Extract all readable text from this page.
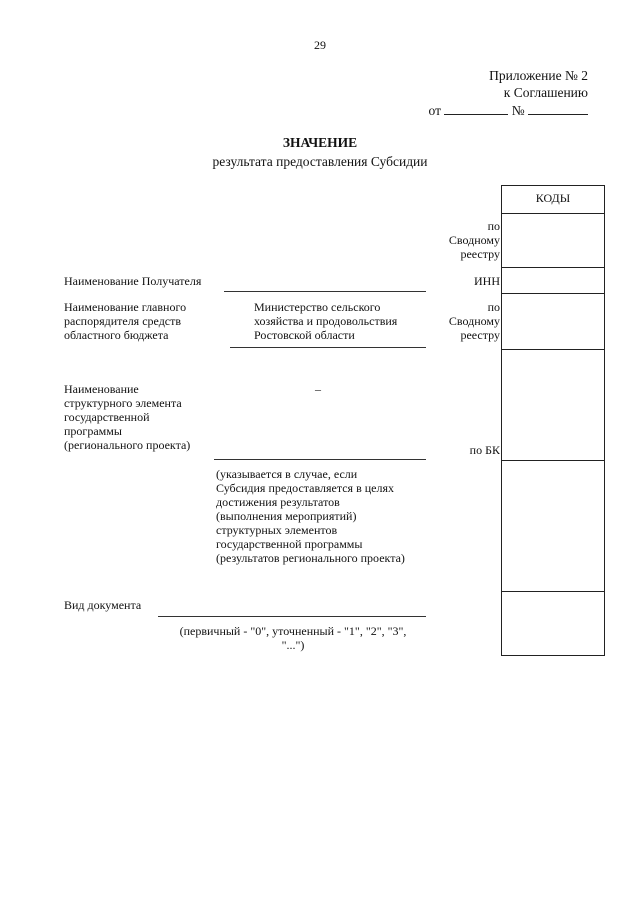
29
Приложение № 2
к Соглашению
от	№
ЗНАЧЕНИЕ
результата предоставления Субсидии
КОДЫ
по
Сводному
реестру
Наименование Получателя	ИНН
Наименование главного
распорядителя средств
областного бюджета
Министерство сельского
хозяйства и продовольствия
Ростовской области
по
Сводному
реестру
Наименование
структурного элемента
государственной
программы
(регионального проекта)
–
по БК
(указывается в случае, если
Субсидия предоставляется в целях
достижения результатов
(выполнения мероприятий)
структурных элементов
государственной программы
(результатов регионального проекта)
Вид документа
(первичный - "0", уточненный - "1", "2", "3",
"...")
